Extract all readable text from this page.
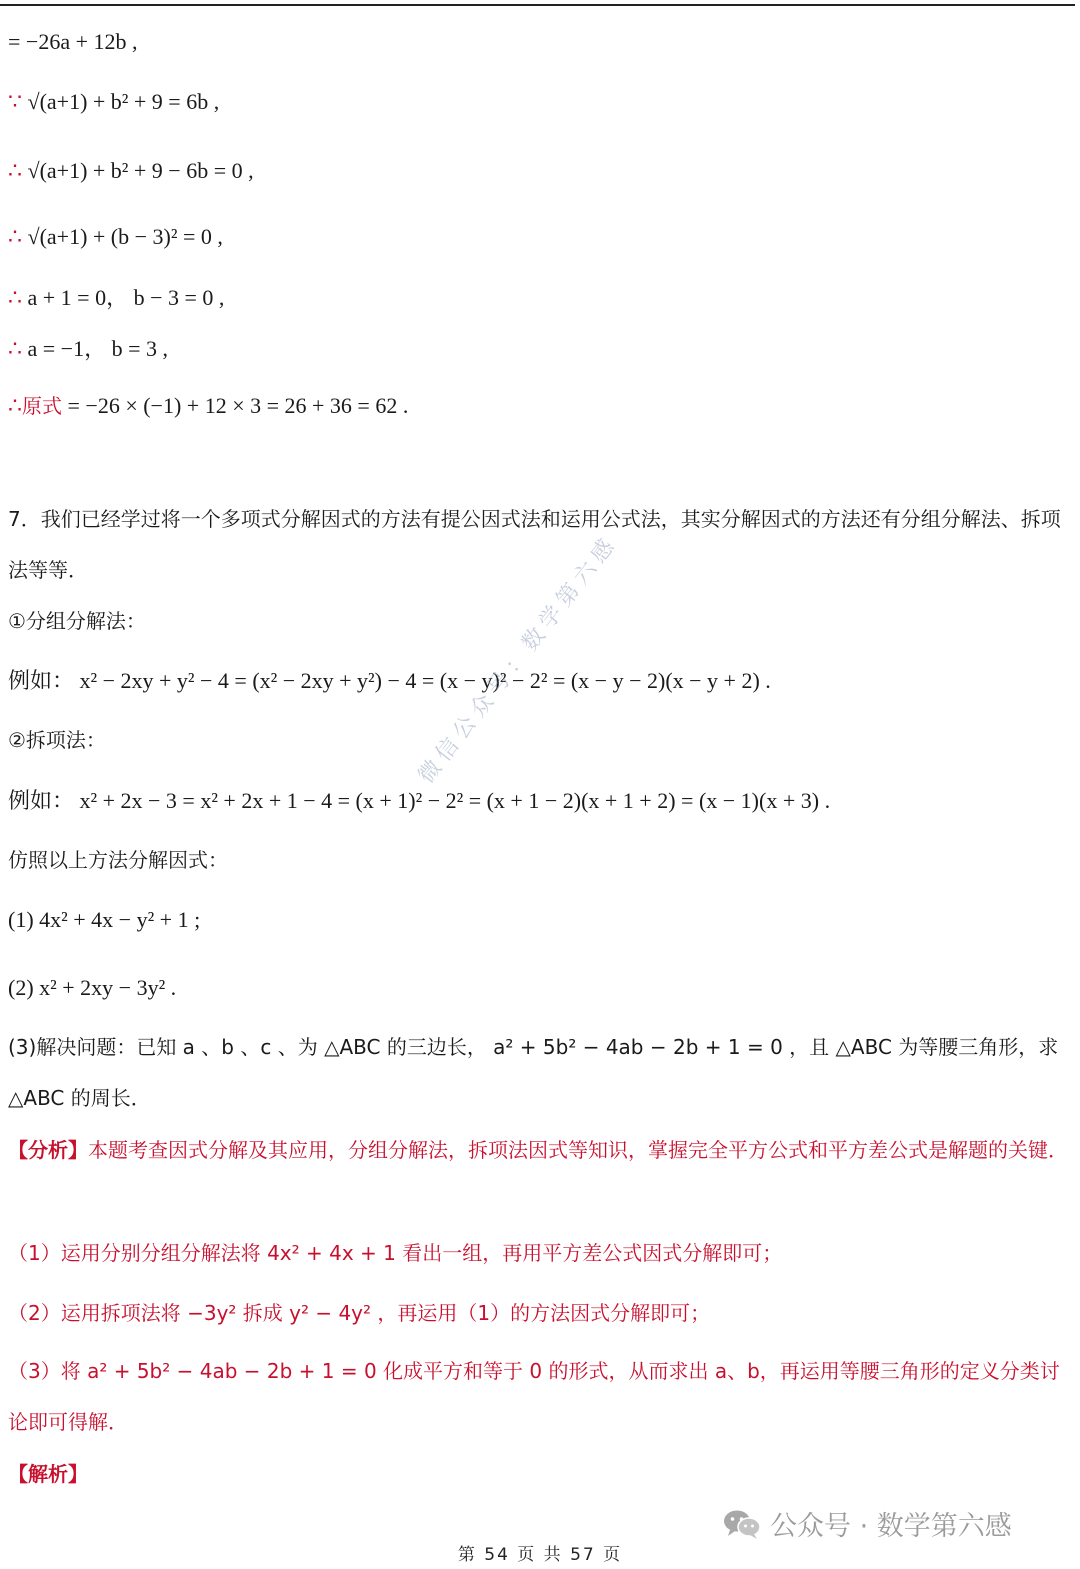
= −26a + 12b ,
∵ √(a+1) + b² + 9 = 6b ,
∴ √(a+1) + b² + 9 − 6b = 0 ,
∴ √(a+1) + (b − 3)² = 0 ,
∴ a + 1 = 0， b − 3 = 0 ,
∴ a = −1， b = 3 ,
∴原式 = −26 × (−1) + 12 × 3 = 26 + 36 = 62 .
7．我们已经学过将一个多项式分解因式的方法有提公因式法和运用公式法，其实分解因式的方法还有分组分解法、拆项法等等．
①分组分解法：
例如： x² − 2xy + y² − 4 = (x² − 2xy + y²) − 4 = (x − y)² − 2² = (x − y − 2)(x − y + 2) .
②拆项法：
例如： x² + 2x − 3 = x² + 2x + 1 − 4 = (x + 1)² − 2² = (x + 1 − 2)(x + 1 + 2) = (x − 1)(x + 3) .
仿照以上方法分解因式：
(1) 4x² + 4x − y² + 1 ;
(2) x² + 2xy − 3y² .
(3)解决问题：已知 a 、b 、c 、为 △ABC 的三边长， a² + 5b² − 4ab − 2b + 1 = 0 ，且 △ABC 为等腰三角形，求 △ABC 的周长．
【分析】本题考查因式分解及其应用，分组分解法，拆项法因式等知识，掌握完全平方公式和平方差公式是解题的关键．
（1）运用分别分组分解法将 4x² + 4x + 1 看出一组，再用平方差公式因式分解即可；
（2）运用拆项法将 −3y² 拆成 y² − 4y² ，再运用（1）的方法因式分解即可；
（3）将 a² + 5b² − 4ab − 2b + 1 = 0 化成平方和等于 0 的形式，从而求出 a、b，再运用等腰三角形的定义分类讨论即可得解．
【解析】
微信公众号：数学第六感
公众号 · 数学第六感
第 54 页 共 57 页
